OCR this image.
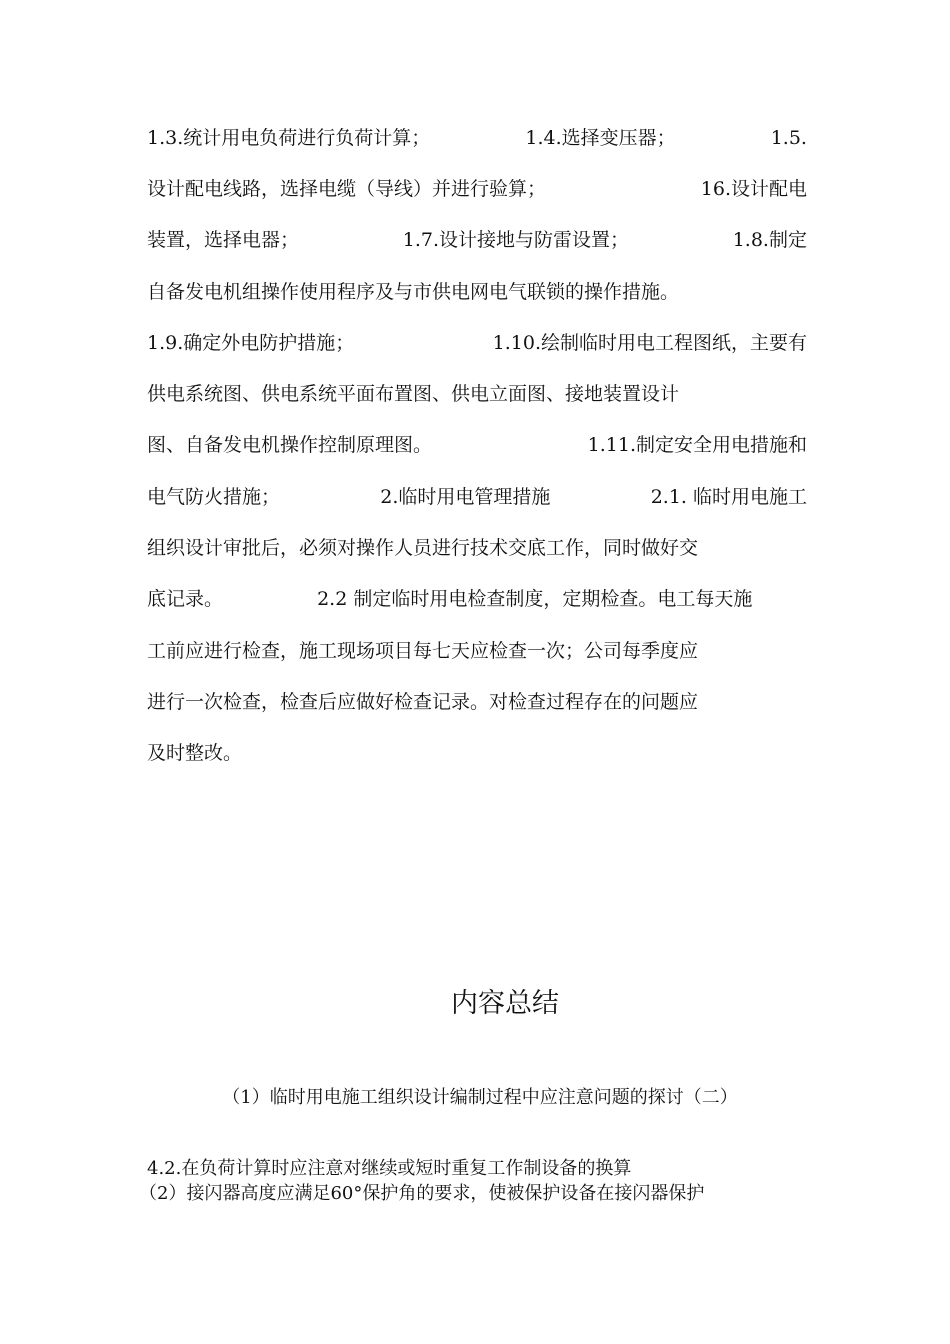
1.3.统计用电负荷进行负荷计算；	1.4.选择变压器；	1.5.
设计配电线路，选择电缆（导线）并进行验算；	16.设计配电
装置，选择电器；	1.7.设计接地与防雷设置；	1.8.制定
自备发电机组操作使用程序及与市供电网电气联锁的操作措施。
1.9.确定外电防护措施；	1.10.绘制临时用电工程图纸，主要有
供电系统图、供电系统平面布置图、供电立面图、接地装置设计
图、自备发电机操作控制原理图。	1.11.制定安全用电措施和
电气防火措施；	2.临时用电管理措施	2.1. 临时用电施工
组织设计审批后，必须对操作人员进行技术交底工作，同时做好交
底记录。	2.2 制定临时用电检查制度，定期检查。电工每天施
工前应进行检查，施工现场项目每七天应检查一次；公司每季度应
进行一次检查，检查后应做好检查记录。对检查过程存在的问题应
及时整改。
内容总结
（1）临时用电施工组织设计编制过程中应注意问题的探讨（二）
4.2.在负荷计算时应注意对继续或短时重复工作制设备的换算
（2）接闪器高度应满足60°保护角的要求，使被保护设备在接闪器保护
